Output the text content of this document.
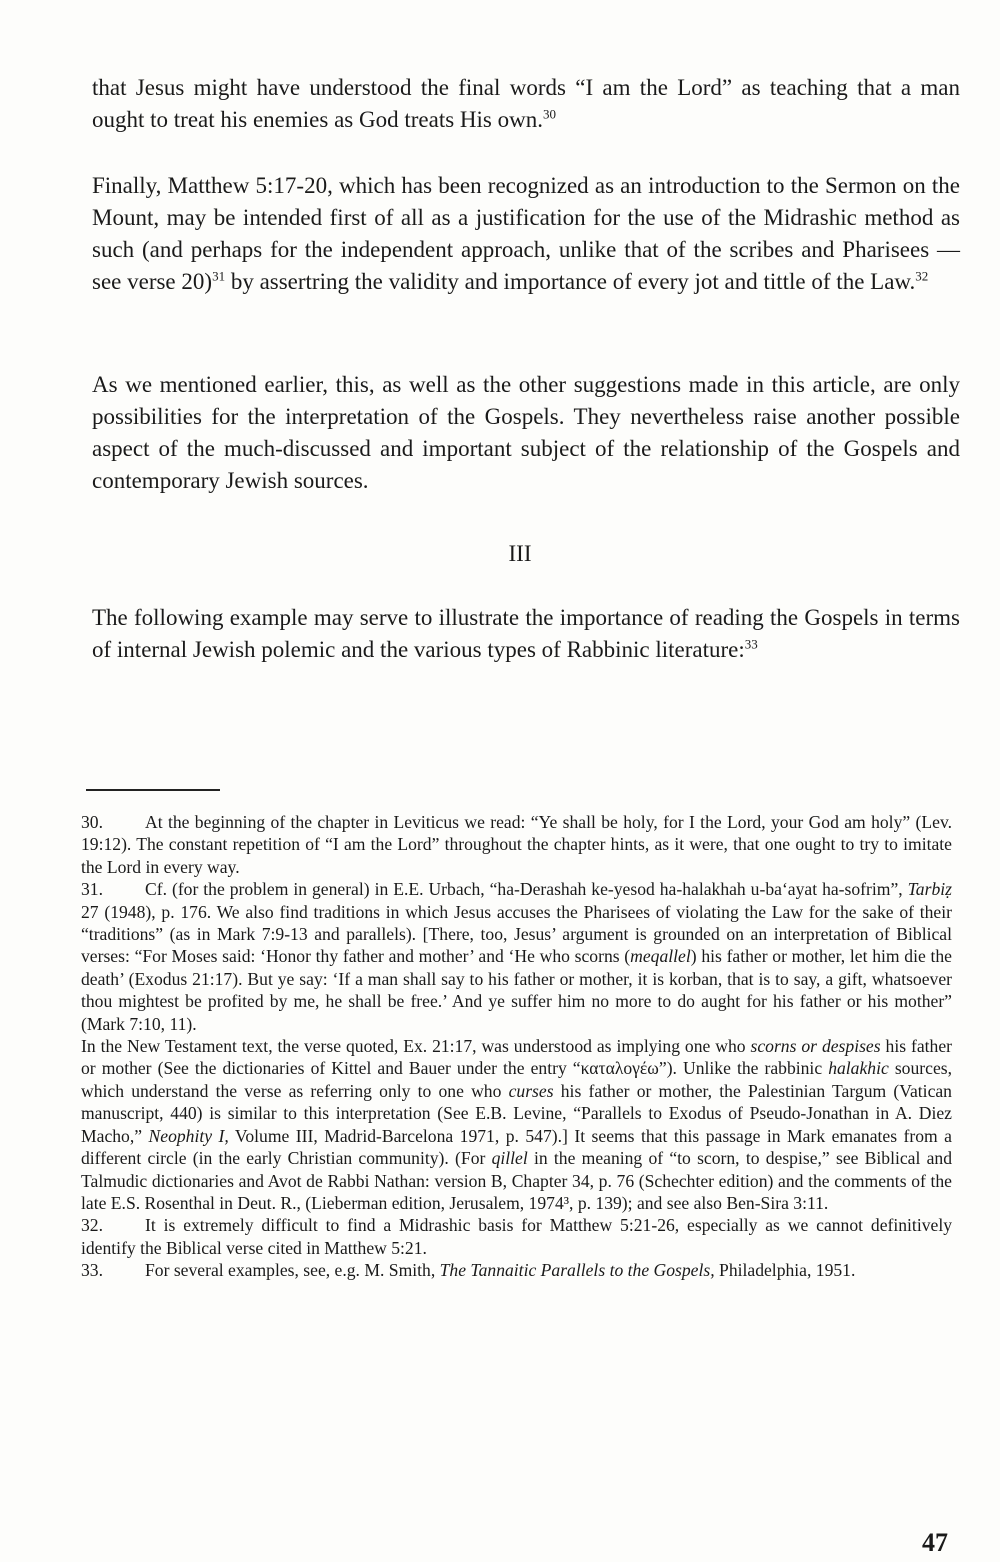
that Jesus might have understood the final words “I am the Lord” as teaching that a man ought to treat his enemies as God treats His own.$^{30}$

Finally, Matthew 5:17-20, which has been recognized as an introduction to the Sermon on the Mount, may be intended first of all as a justification for the use of the Midrashic method as such (and perhaps for the independent approach, unlike that of the scribes and Pharisees — see verse 20)$^{31}$ by assertring the validity and importance of every jot and tittle of the Law.$^{32}$

As we mentioned earlier, this, as well as the other suggestions made in this article, are only possibilities for the interpretation of the Gospels. They nevertheless raise another possible aspect of the much-discussed and important subject of the relationship of the Gospels and contemporary Jewish sources.

III

The following example may serve to illustrate the importance of reading the Gospels in terms of internal Jewish polemic and the various types of Rabbinic literature:$^{33}$

30. At the beginning of the chapter in Leviticus we read: “Ye shall be holy, for I the Lord, your God am holy” (Lev. 19:12). The constant repetition of “I am the Lord” throughout the chapter hints, as it were, that one ought to try to imitate the Lord in every way.

31. Cf. (for the problem in general) in E.E. Urbach, “ha-Derashah ke-yesod ha-halakhah u-ba‘ayat ha-sofrim”, Tarbiẓ 27 (1948), p. 176. We also find traditions in which Jesus accuses the Pharisees of violating the Law for the sake of their “traditions” (as in Mark 7:9-13 and parallels). [There, too, Jesus’ argument is grounded on an interpretation of Biblical verses: “For Moses said: ‘Honor thy father and mother’ and ‘He who scorns (meqallel) his father or mother, let him die the death’ (Exodus 21:17). But ye say: ‘If a man shall say to his father or mother, it is korban, that is to say, a gift, whatsoever thou mightest be profited by me, he shall be free.’ And ye suffer him no more to do aught for his father or his mother” (Mark 7:10, 11).

In the New Testament text, the verse quoted, Ex. 21:17, was understood as implying one who scorns or despises his father or mother (See the dictionaries of Kittel and Bauer under the entry “καταλογέω”). Unlike the rabbinic halakhic sources, which understand the verse as referring only to one who curses his father or mother, the Palestinian Targum (Vatican manuscript, 440) is similar to this interpretation (See E.B. Levine, “Parallels to Exodus of Pseudo-Jonathan in A. Diez Macho,” Neophity I, Volume III, Madrid-Barcelona 1971, p. 547).] It seems that this passage in Mark emanates from a different circle (in the early Christian community). (For qillel in the meaning of “to scorn, to despise,” see Biblical and Talmudic dictionaries and Avot de Rabbi Nathan: version B, Chapter 34, p. 76 (Schechter edition) and the comments of the late E.S. Rosenthal in Deut. R., (Lieberman edition, Jerusalem, 1974³, p. 139); and see also Ben-Sira 3:11.

32. It is extremely difficult to find a Midrashic basis for Matthew 5:21-26, especially as we cannot definitively identify the Biblical verse cited in Matthew 5:21.

33. For several examples, see, e.g. M. Smith, The Tannaitic Parallels to the Gospels, Philadelphia, 1951.

47
